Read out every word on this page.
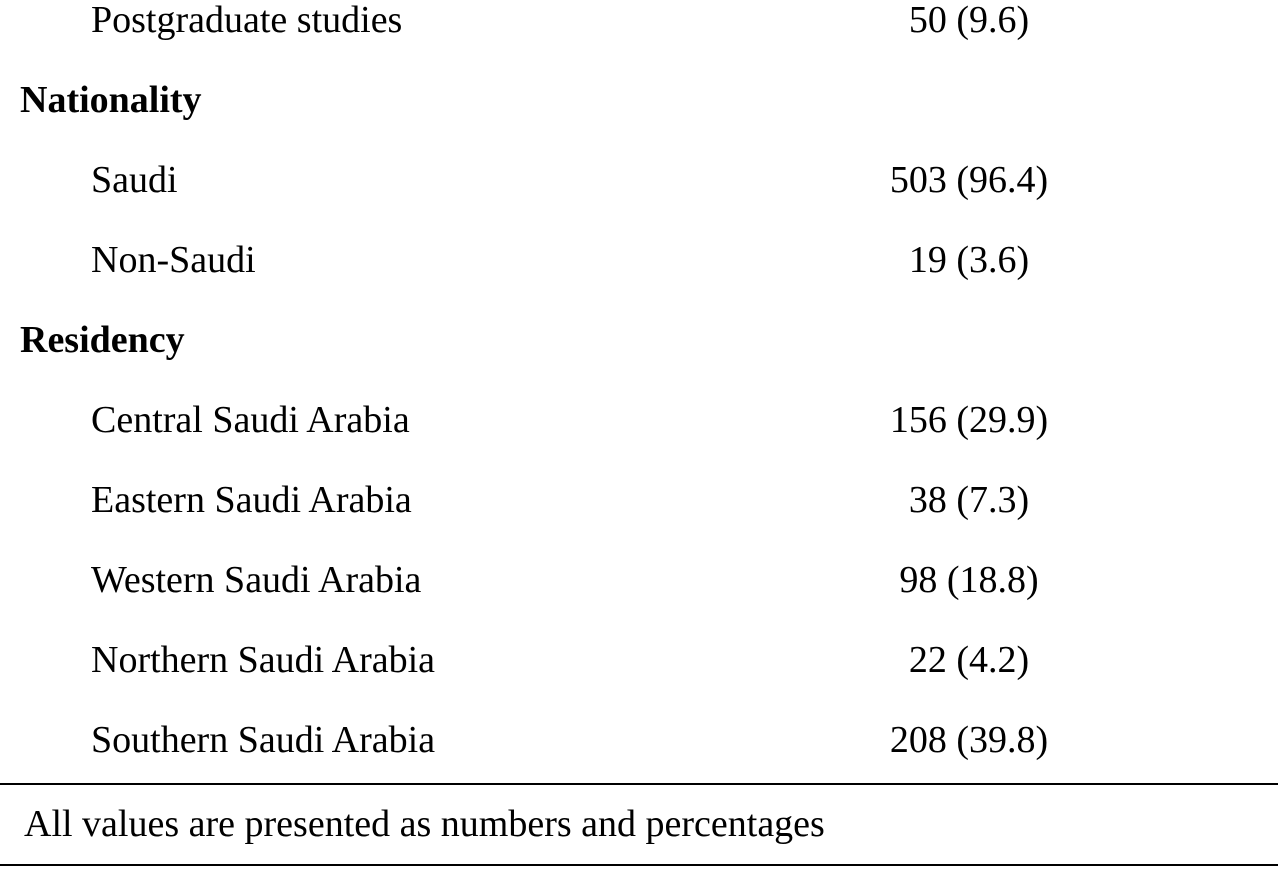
Postgraduate studies	50 (9.6)
Nationality
Saudi	503 (96.4)
Non-Saudi	19 (3.6)
Residency
Central Saudi Arabia	156 (29.9)
Eastern Saudi Arabia	38 (7.3)
Western Saudi Arabia	98 (18.8)
Northern Saudi Arabia	22 (4.2)
Southern Saudi Arabia	208 (39.8)
All values are presented as numbers and percentages
